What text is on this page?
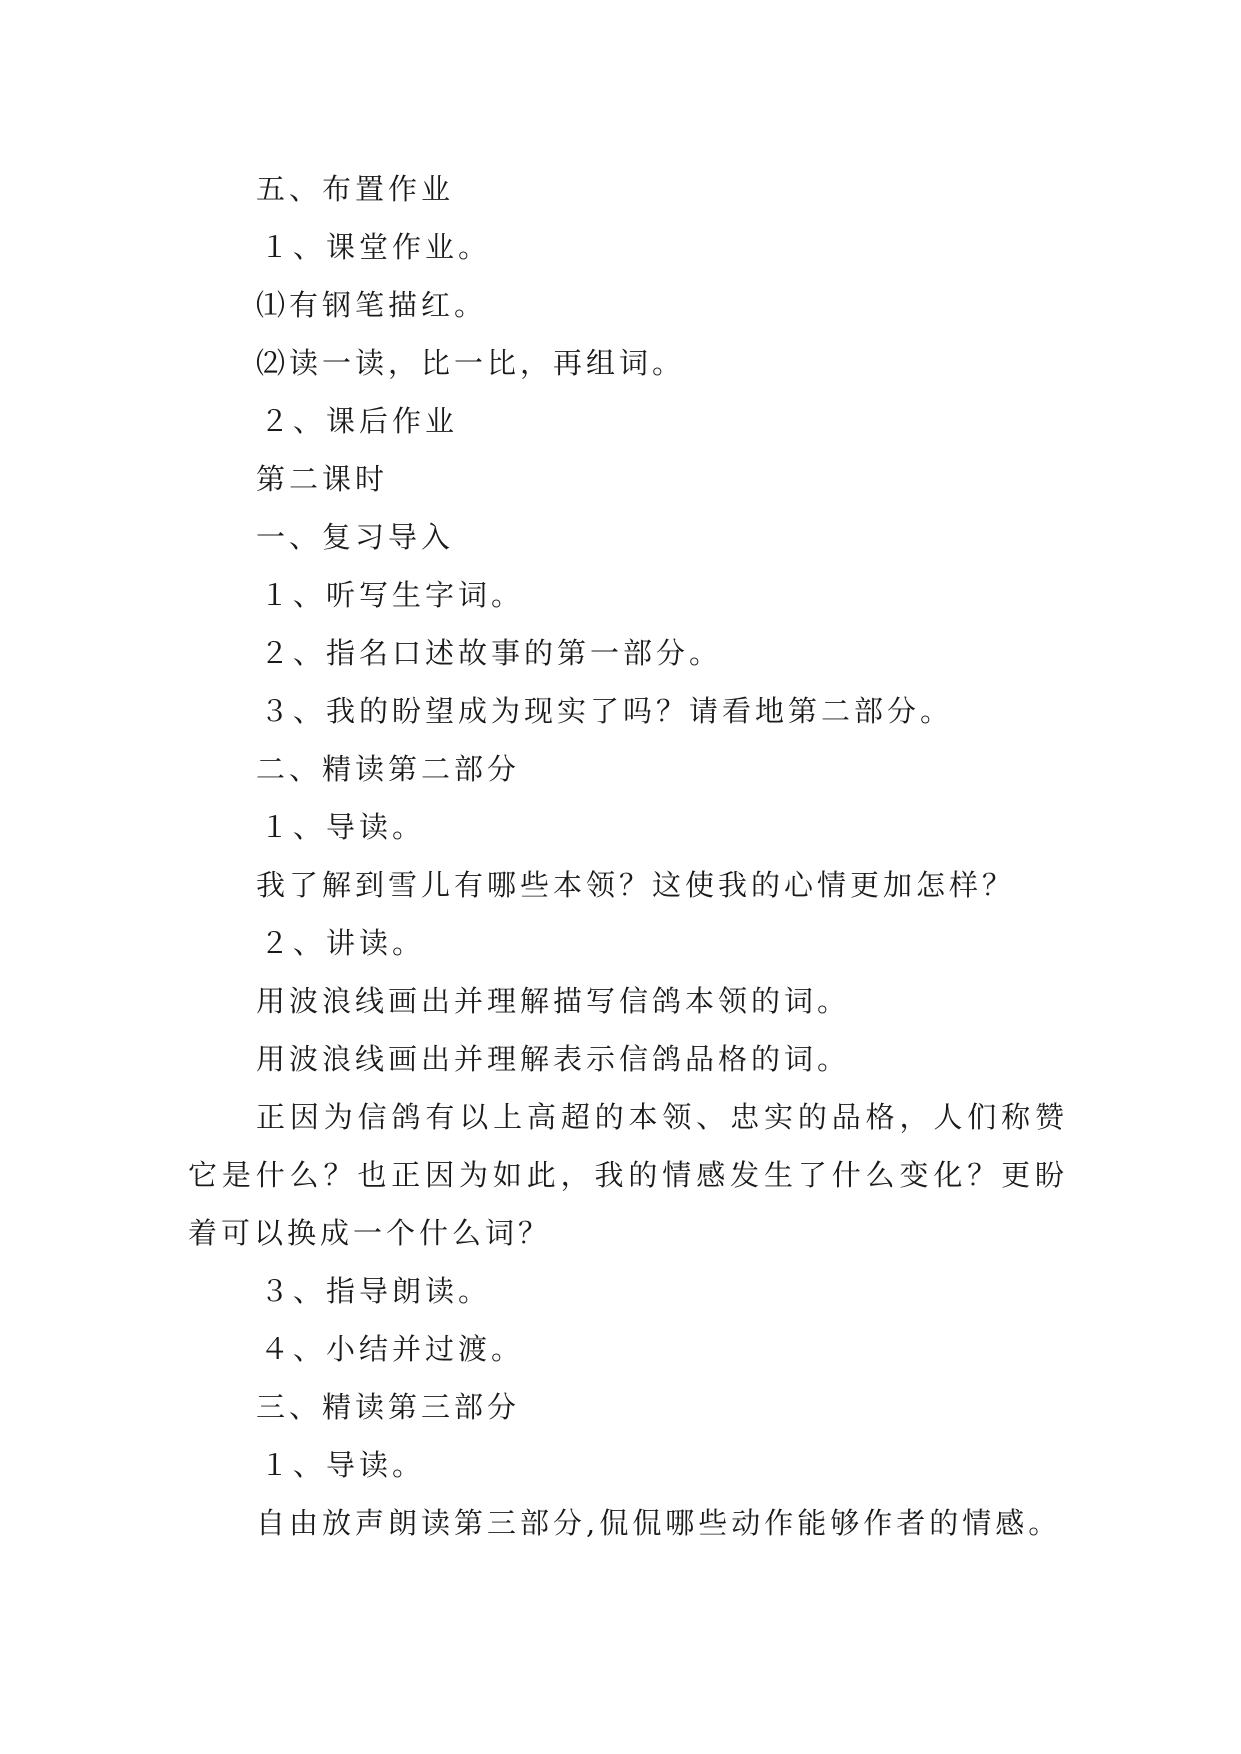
五、布置作业
１、课堂作业。
⑴有钢笔描红。
⑵读一读，比一比，再组词。
２、课后作业
第二课时
一、复习导入
１、听写生字词。
２、指名口述故事的第一部分。
３、我的盼望成为现实了吗？请看地第二部分。
二、精读第二部分
１、导读。
我了解到雪儿有哪些本领？这使我的心情更加怎样？
２、讲读。
用波浪线画出并理解描写信鸽本领的词。
用波浪线画出并理解表示信鸽品格的词。
正因为信鸽有以上高超的本领、忠实的品格，人们称赞它是什么？也正因为如此，我的情感发生了什么变化？更盼着可以换成一个什么词？
３、指导朗读。
４、小结并过渡。
三、精读第三部分
１、导读。
自由放声朗读第三部分,侃侃哪些动作能够作者的情感。
